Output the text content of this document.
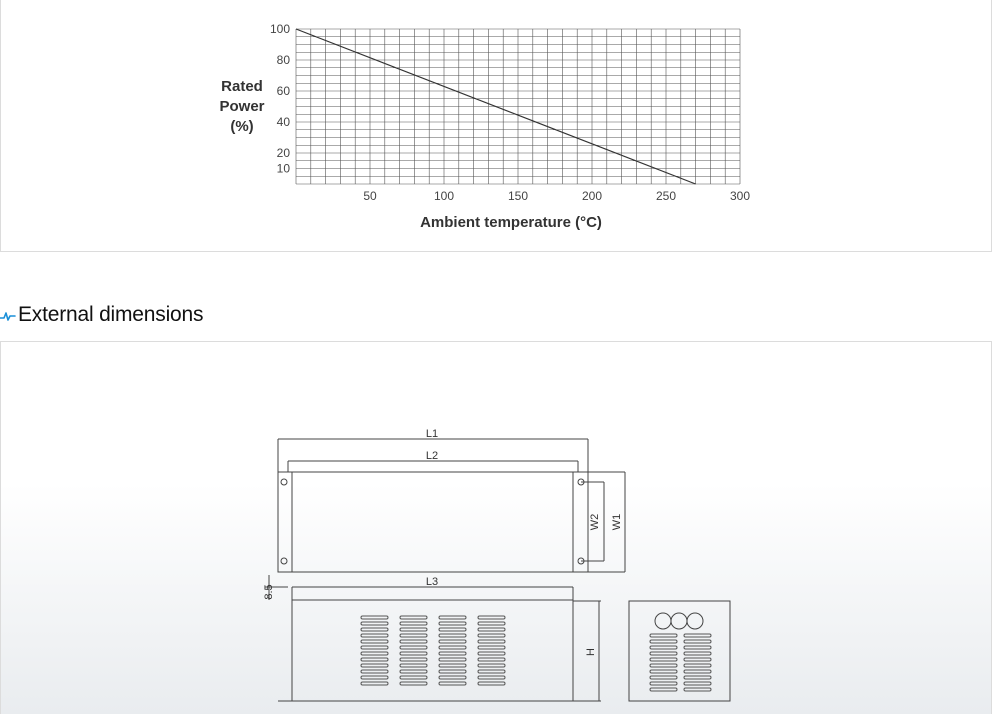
Rated
Power
(%)
50	100	150	200	250	300
10
20
40
60
80
100
Ambient temperature (°C)
External dimensions
L1
L2
L3
W2 W1
H
8.5
